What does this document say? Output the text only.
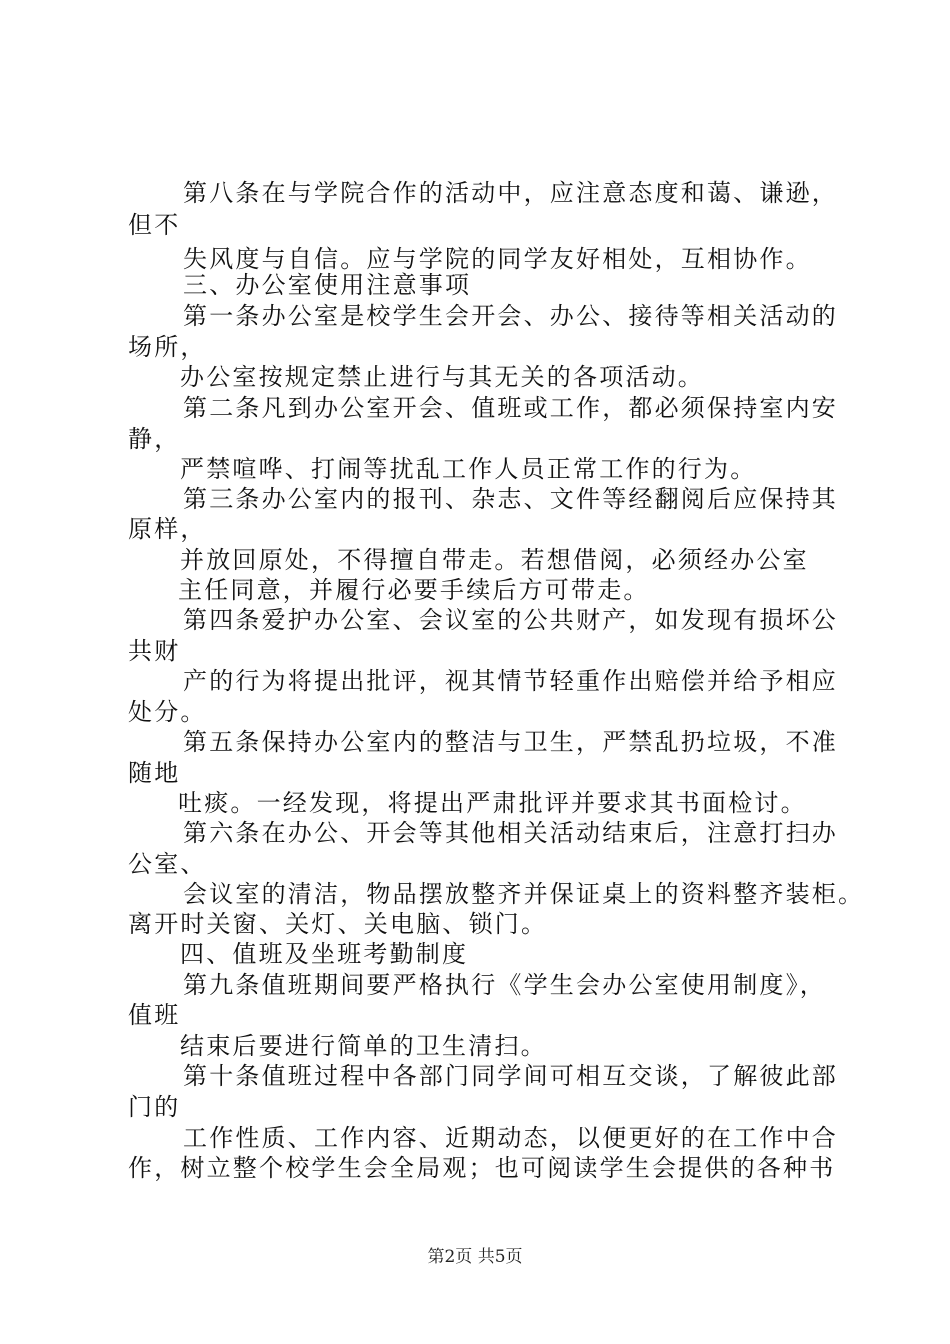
第八条在与学院合作的活动中，应注意态度和蔼、谦逊，
但不
失风度与自信。应与学院的同学友好相处，互相协作。
三、办公室使用注意事项
第一条办公室是校学生会开会、办公、接待等相关活动的
场所，
办公室按规定禁止进行与其无关的各项活动。
第二条凡到办公室开会、值班或工作，都必须保持室内安
静，
严禁喧哗、打闹等扰乱工作人员正常工作的行为。
第三条办公室内的报刊、杂志、文件等经翻阅后应保持其
原样，
并放回原处，不得擅自带走。若想借阅，必须经办公室
主任同意，并履行必要手续后方可带走。
第四条爱护办公室、会议室的公共财产，如发现有损坏公
共财
产的行为将提出批评，视其情节轻重作出赔偿并给予相应
处分。
第五条保持办公室内的整洁与卫生，严禁乱扔垃圾，不准
随地
吐痰。一经发现，将提出严肃批评并要求其书面检讨。
第六条在办公、开会等其他相关活动结束后，注意打扫办
公室、
会议室的清洁，物品摆放整齐并保证桌上的资料整齐装柜。
离开时关窗、关灯、关电脑、锁门。
四、值班及坐班考勤制度
第九条值班期间要严格执行《学生会办公室使用制度》，
值班
结束后要进行简单的卫生清扫。
第十条值班过程中各部门同学间可相互交谈，了解彼此部
门的
工作性质、工作内容、近期动态，以便更好的在工作中合
作，树立整个校学生会全局观；也可阅读学生会提供的各种书
第2页 共5页
